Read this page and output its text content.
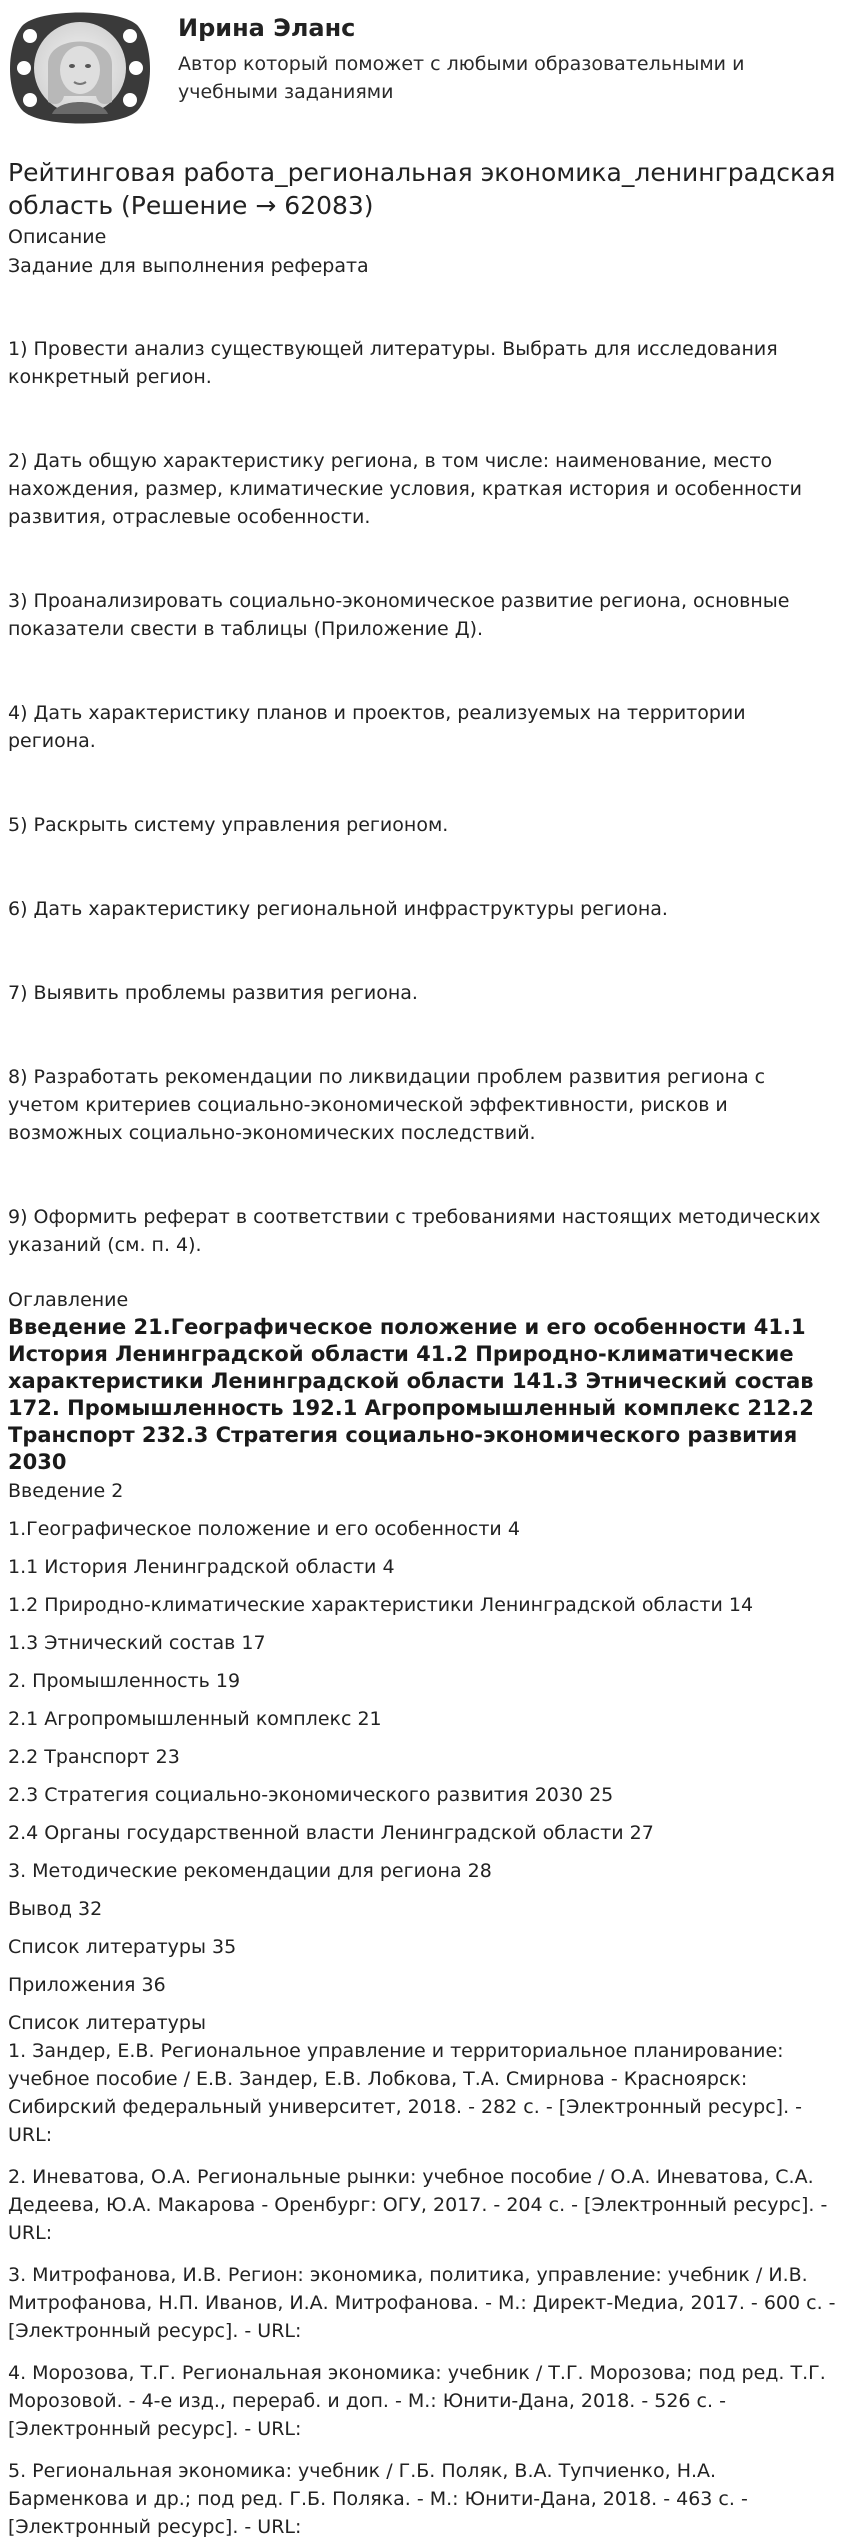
Ирина Эланс
Автор который поможет с любыми образовательными и учебными заданиями
Рейтинговая работа_региональная экономика_ленинградская область (Решение → 62083)
Описание
Задание для выполнения реферата

1) Провести анализ существующей литературы. Выбрать для исследования конкретный регион.

2) Дать общую характеристику региона, в том числе: наименование, место нахождения, размер, климатические условия, краткая история и особенности развития, отраслевые особенности.

3) Проанализировать социально-экономическое развитие региона, основные показатели свести в таблицы (Приложение Д).

4) Дать характеристику планов и проектов, реализуемых на территории региона.

5) Раскрыть систему управления регионом.

6) Дать характеристику региональной инфраструктуры региона.

7) Выявить проблемы развития региона.

8) Разработать рекомендации по ликвидации проблем развития региона с учетом критериев социально-экономической эффективности, рисков и возможных социально-экономических последствий.

9) Оформить реферат в соответствии с требованиями настоящих методических указаний (см. п. 4).

Оглавление

Введение 21.Географическое положение и его особенности 41.1 История Ленинградской области 41.2 Природно-климатические характеристики Ленинградской области 141.3 Этнический состав 172. Промышленность 192.1 Агропромышленный комплекс 212.2 Транспорт 232.3 Стратегия социально-экономического развития 2030

Введение 2
1.Географическое положение и его особенности 4
1.1 История Ленинградской области 4
1.2 Природно-климатические характеристики Ленинградской области 14
1.3 Этнический состав 17
2. Промышленность 19
2.1 Агропромышленный комплекс 21
2.2 Транспорт 23
2.3 Стратегия социально-экономического развития 2030 25
2.4 Органы государственной власти Ленинградской области 27
3. Методические рекомендации для региона 28
Вывод 32
Список литературы 35
Приложения 36
Список литературы
1. Зандер, Е.В. Региональное управление и территориальное планирование: учебное пособие / Е.В. Зандер, Е.В. Лобкова, Т.А. Смирнова - Красноярск: Сибирский федеральный университет, 2018. - 282 с. - [Электронный ресурс]. - URL:
2. Иневатова, О.А. Региональные рынки: учебное пособие / О.А. Иневатова, С.А. Дедеева, Ю.А. Макарова - Оренбург: ОГУ, 2017. - 204 с. - [Электронный ресурс]. - URL:
3. Митрофанова, И.В. Регион: экономика, политика, управление: учебник / И.В. Митрофанова, Н.П. Иванов, И.А. Митрофанова. - М.: Директ-Медиа, 2017. - 600 с. - [Электронный ресурс]. - URL:
4. Морозова, Т.Г. Региональная экономика: учебник / Т.Г. Морозова; под ред. Т.Г. Морозовой. - 4-е изд., перераб. и доп. - М.: Юнити-Дана, 2018. - 526 с. - [Электронный ресурс]. - URL:
5. Региональная экономика: учебник / Г.Б. Поляк, В.А. Тупчиенко, Н.А. Барменкова и др.; под ред. Г.Б. Поляка. - М.: Юнити-Дана, 2018. - 463 с. - [Электронный ресурс]. - URL:
